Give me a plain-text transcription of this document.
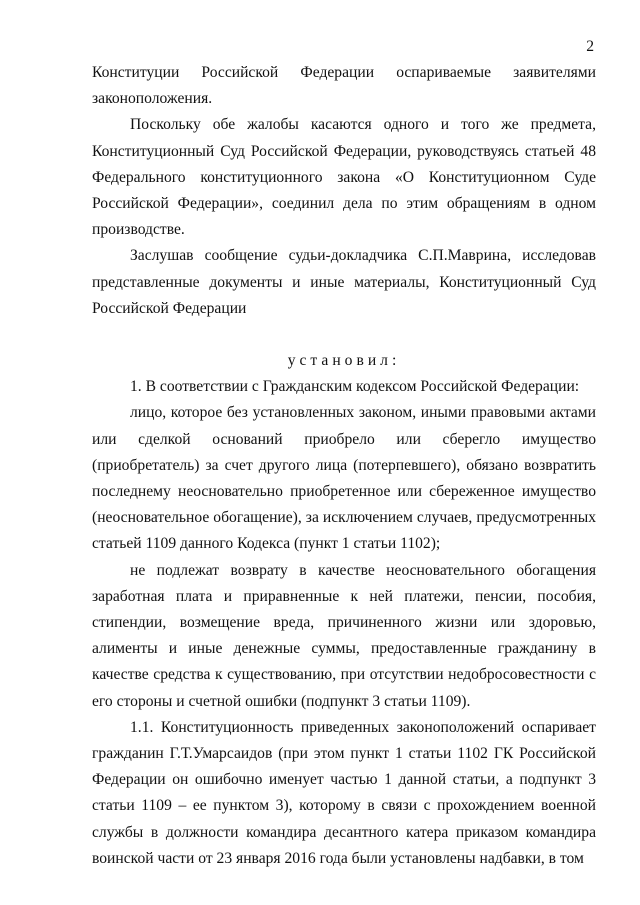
2

Конституции Российской Федерации оспариваемые заявителями законоположения.

Поскольку обе жалобы касаются одного и того же предмета, Конституционный Суд Российской Федерации, руководствуясь статьей 48 Федерального конституционного закона «О Конституционном Суде Российской Федерации», соединил дела по этим обращениям в одном производстве.

Заслушав сообщение судьи-докладчика С.П.Маврина, исследовав представленные документы и иные материалы, Конституционный Суд Российской Федерации

установил:

1. В соответствии с Гражданским кодексом Российской Федерации:

лицо, которое без установленных законом, иными правовыми актами или сделкой оснований приобрело или сберегло имущество (приобретатель) за счет другого лица (потерпевшего), обязано возвратить последнему неосновательно приобретенное или сбереженное имущество (неосновательное обогащение), за исключением случаев, предусмотренных статьей 1109 данного Кодекса (пункт 1 статьи 1102);

не подлежат возврату в качестве неосновательного обогащения заработная плата и приравненные к ней платежи, пенсии, пособия, стипендии, возмещение вреда, причиненного жизни или здоровью, алименты и иные денежные суммы, предоставленные гражданину в качестве средства к существованию, при отсутствии недобросовестности с его стороны и счетной ошибки (подпункт 3 статьи 1109).

1.1. Конституционность приведенных законоположений оспаривает гражданин Г.Т.Умарсаидов (при этом пункт 1 статьи 1102 ГК Российской Федерации он ошибочно именует частью 1 данной статьи, а подпункт 3 статьи 1109 – ее пунктом 3), которому в связи с прохождением военной службы в должности командира десантного катера приказом командира воинской части от 23 января 2016 года были установлены надбавки, в том
